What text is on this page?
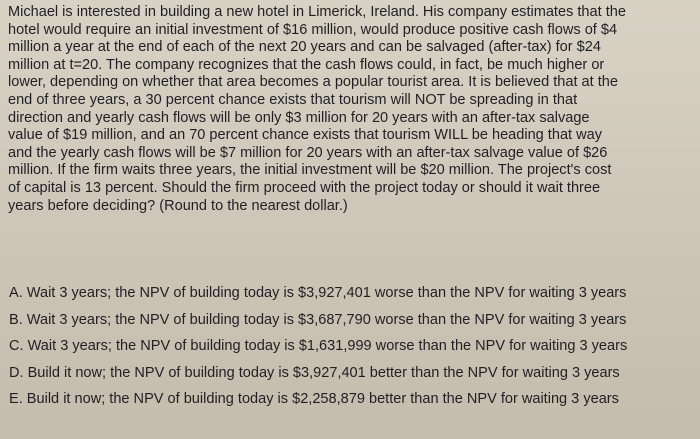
Michael is interested in building a new hotel in Limerick, Ireland. His company estimates that the
hotel would require an initial investment of $16 million, would produce positive cash flows of $4
million a year at the end of each of the next 20 years and can be salvaged (after-tax) for $24
million at t=20. The company recognizes that the cash flows could, in fact, be much higher or
lower, depending on whether that area becomes a popular tourist area. It is believed that at the
end of three years, a 30 percent chance exists that tourism will NOT be spreading in that
direction and yearly cash flows will be only $3 million for 20 years with an after-tax salvage
value of $19 million, and an 70 percent chance exists that tourism WILL be heading that way
and the yearly cash flows will be $7 million for 20 years with an after-tax salvage value of $26
million. If the firm waits three years, the initial investment will be $20 million. The project's cost
of capital is 13 percent. Should the firm proceed with the project today or should it wait three
years before deciding? (Round to the nearest dollar.)
A. Wait 3 years; the NPV of building today is $3,927,401 worse than the NPV for waiting 3 years
B. Wait 3 years; the NPV of building today is $3,687,790 worse than the NPV for waiting 3 years
C. Wait 3 years; the NPV of building today is $1,631,999 worse than the NPV for waiting 3 years
D. Build it now; the NPV of building today is $3,927,401 better than the NPV for waiting 3 years
E. Build it now; the NPV of building today is $2,258,879 better than the NPV for waiting 3 years
